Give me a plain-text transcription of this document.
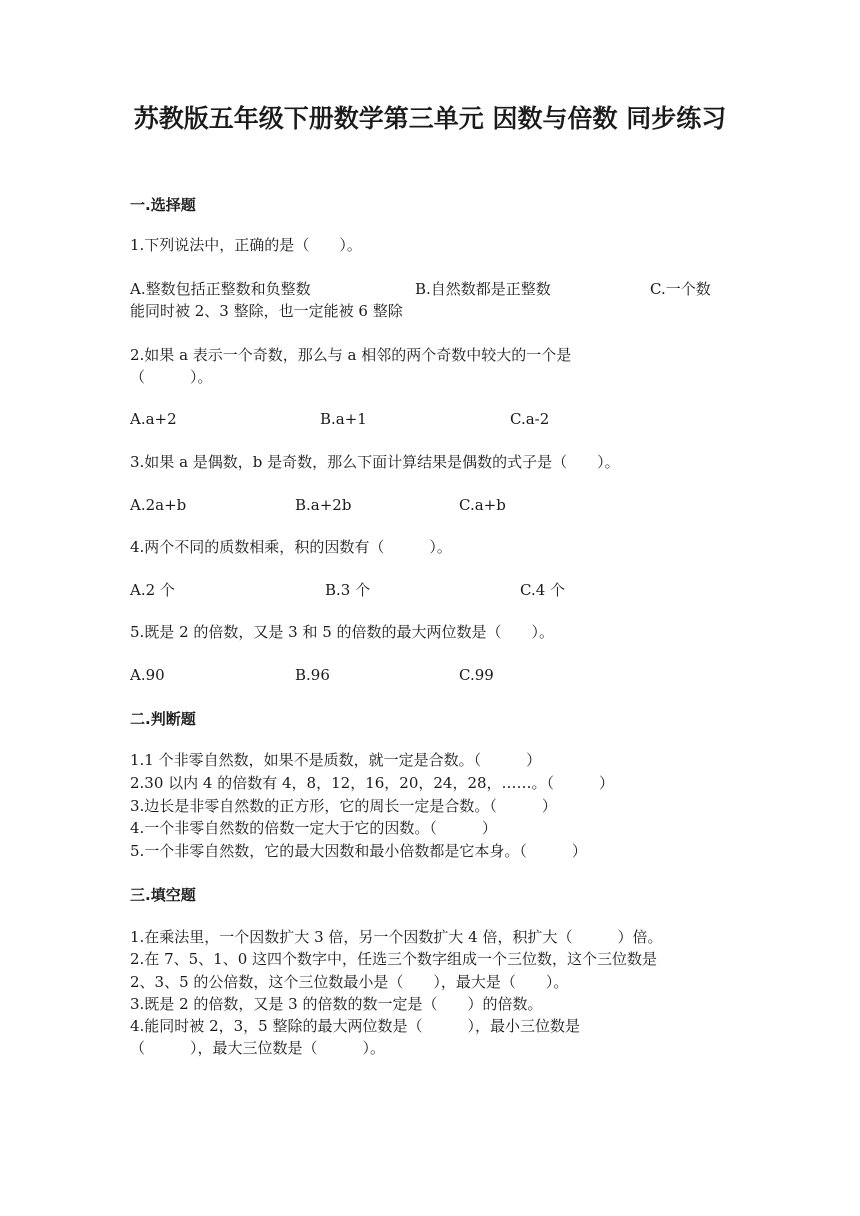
苏教版五年级下册数学第三单元 因数与倍数 同步练习
一.选择题
1.下列说法中，正确的是（　　）。
A.整数包括正整数和负整数	B.自然数都是正整数	C.一个数
能同时被 2、3 整除，也一定能被 6 整除
2.如果 a 表示一个奇数，那么与 a 相邻的两个奇数中较大的一个是（　　　）。
A.a+2	B.a+1	C.a-2
3.如果 a 是偶数，b 是奇数，那么下面计算结果是偶数的式子是（　　）。
A.2a+b	B.a+2b	C.a+b
4.两个不同的质数相乘，积的因数有（　　　）。
A.2 个	B.3 个	C.4 个
5.既是 2 的倍数，又是 3 和 5 的倍数的最大两位数是（　　）。
A.90	B.96	C.99
二.判断题
1.1 个非零自然数，如果不是质数，就一定是合数。（　　　）
2.30 以内 4 的倍数有 4，8，12，16，20，24，28，……。（　　　）
3.边长是非零自然数的正方形，它的周长一定是合数。（　　　）
4.一个非零自然数的倍数一定大于它的因数。（　　　）
5.一个非零自然数，它的最大因数和最小倍数都是它本身。（　　　）
三.填空题
1.在乘法里，一个因数扩大 3 倍，另一个因数扩大 4 倍，积扩大（　　　）倍。
2.在 7、5、1、0 这四个数字中，任选三个数字组成一个三位数，这个三位数是
2、3、5 的公倍数，这个三位数最小是（　　），最大是（　　）。
3.既是 2 的倍数，又是 3 的倍数的数一定是（　　）的倍数。
4.能同时被 2，3，5 整除的最大两位数是（　　　），最小三位数是（　　　），最大三位数是（　　　）。
